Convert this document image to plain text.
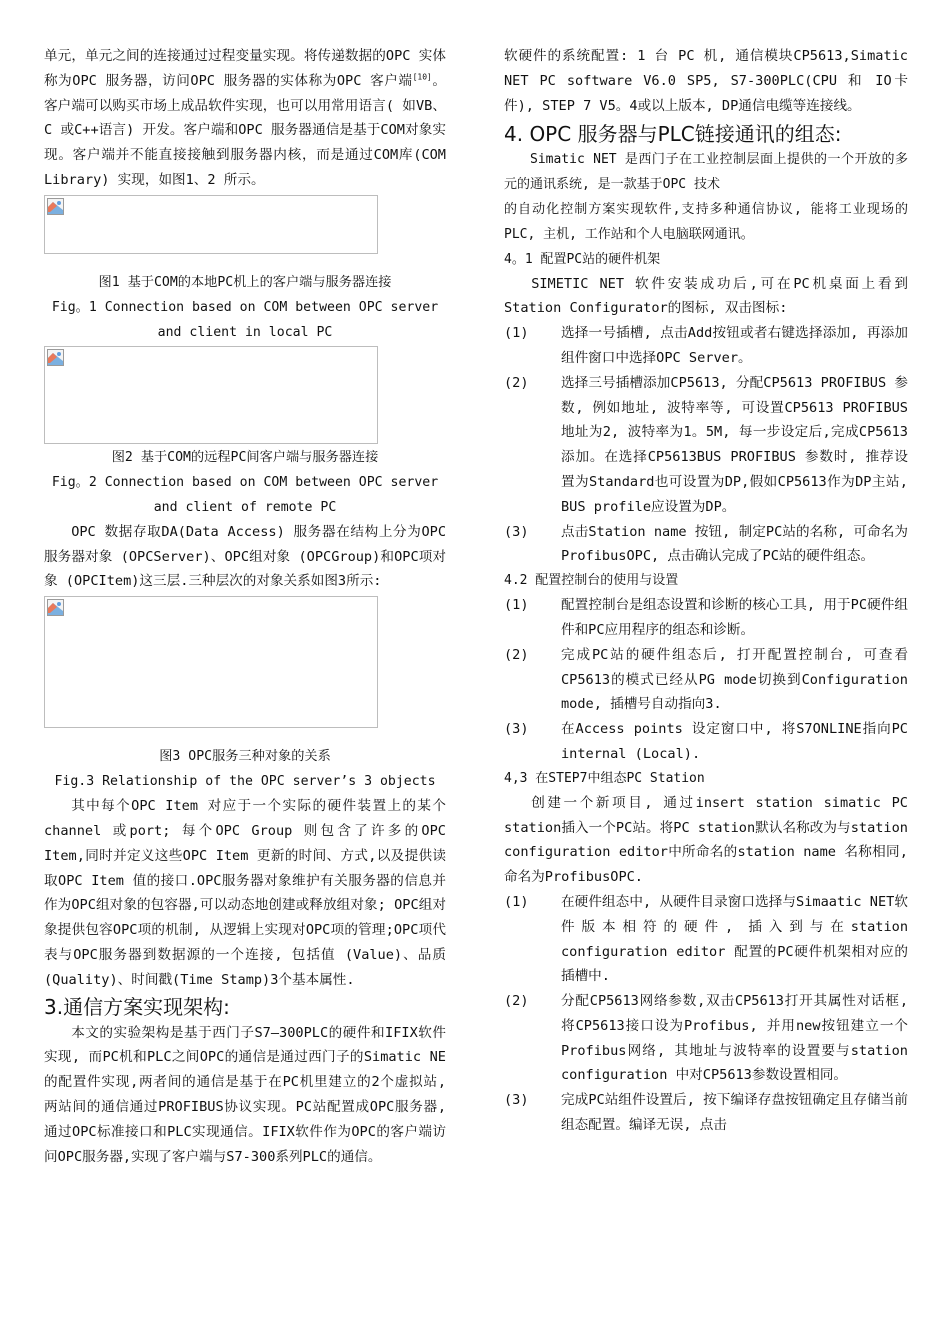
单元，单元之间的连接通过过程变量实现。将传递数据的OPC 实体称为OPC 服务器，访问OPC 服务器的实体称为OPC 客户端[10]。客户端可以购买市场上成品软件实现，也可以用常用语言( 如VB、C 或C++语言) 开发。客户端和OPC 服务器通信是基于COM对象实现。客户端并不能直接接触到服务器内核，而是通过COM库(COM Library) 实现，如图1、2 所示。

图1 基于COM的本地PC机上的客户端与服务器连接

Fig。1 Connection based on COM between OPC server and client in local PC

图2 基于COM的远程PC间客户端与服务器连接

Fig。2 Connection based on COM between OPC server and client of remote PC

OPC 数据存取DA(Data Access) 服务器在结构上分为OPC服务器对象 (OPCServer)、OPC组对象 (OPCGroup)和OPC项对象 (OPCItem)这三层.三种层次的对象关系如图3所示:

图3 OPC服务三种对象的关系

Fig.3 Relationship of the OPC server’s 3 objects

其中每个OPC Item 对应于一个实际的硬件装置上的某个channel 或port; 每个OPC Group 则包含了许多的OPC Item,同时并定义这些OPC Item 更新的时间、方式,以及提供读取OPC Item 值的接口.OPC服务器对象维护有关服务器的信息并作为OPC组对象的包容器,可以动态地创建或释放组对象; OPC组对象提供包容OPC项的机制, 从逻辑上实现对OPC项的管理;OPC项代表与OPC服务器到数据源的一个连接, 包括值 (Value)、品质 (Quality)、时间戳(Time Stamp)3个基本属性.

3.通信方案实现架构:

本文的实验架构是基于西门子S7—300PLC的硬件和IFIX软件实现, 而PC机和PLC之间OPC的通信是通过西门子的Simatic NE的配置件实现,两者间的通信是基于在PC机里建立的2个虚拟站, 两站间的通信通过PROFIBUS协议实现。PC站配置成OPC服务器, 通过OPC标准接口和PLC实现通信。IFIX软件作为OPC的客户端访问OPC服务器,实现了客户端与S7-300系列PLC的通信。

软硬件的系统配置: 1 台 PC 机, 通信模块CP5613,Simatic NET PC software V6.0 SP5, S7-300PLC(CPU 和 IO卡件), STEP 7 V5。4或以上版本, DP通信电缆等连接线。

4. OPC 服务器与PLC链接通讯的组态:

Simatic NET 是西门子在工业控制层面上提供的一个开放的多元的通讯系统, 是一款基于OPC 技术

的自动化控制方案实现软件,支持多种通信协议, 能将工业现场的PLC, 主机, 工作站和个人电脑联网通讯。

4。1 配置PC站的硬件机架

SIMETIC NET 软件安装成功后,可在PC机桌面上看到Station Configurator的图标, 双击图标:

(1) 选择一号插槽, 点击Add按钮或者右键选择添加, 再添加组件窗口中选择OPC Server。
(2) 选择三号插槽添加CP5613, 分配CP5613 PROFIBUS 参数, 例如地址, 波特率等, 可设置CP5613 PROFIBUS地址为2, 波特率为1。5M, 每一步设定后,完成CP5613添加。在选择CP5613BUS PROFIBUS 参数时, 推荐设置为Standard也可设置为DP,假如CP5613作为DP主站, BUS profile应设置为DP。
(3) 点击Station name 按钮, 制定PC站的名称, 可命名为ProfibusOPC, 点击确认完成了PC站的硬件组态。

4.2 配置控制台的使用与设置

(1) 配置控制台是组态设置和诊断的核心工具, 用于PC硬件组件和PC应用程序的组态和诊断。
(2) 完成PC站的硬件组态后, 打开配置控制台, 可查看CP5613的模式已经从PG mode切换到Configuration mode, 插槽号自动指向3.
(3) 在Access points 设定窗口中, 将S7ONLINE指向PC internal (Local).

4,3 在STEP7中组态PC Station

创建一个新项目, 通过insert station simatic PC station插入一个PC站。将PC station默认名称改为与station configuration editor中所命名的station name 名称相同,命名为ProfibusOPC.

(1) 在硬件组态中, 从硬件目录窗口选择与Simaatic NET软件版本相符的硬件, 插入到与在station configuration editor 配置的PC硬件机架相对应的插槽中.
(2) 分配CP5613网络参数,双击CP5613打开其属性对话框, 将CP5613接口设为Profibus, 并用new按钮建立一个Profibus网络, 其地址与波特率的设置要与station configuration 中对CP5613参数设置相同。
(3) 完成PC站组件设置后, 按下编译存盘按钮确定且存储当前组态配置。编译无误, 点击
